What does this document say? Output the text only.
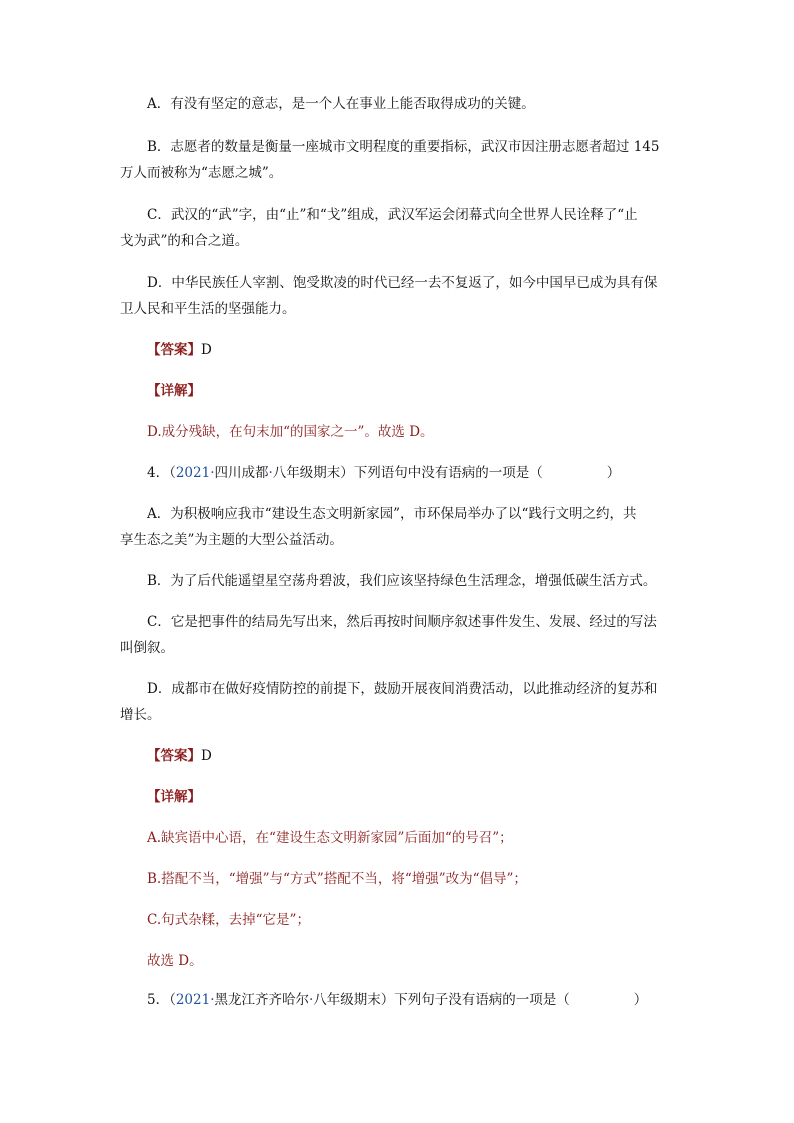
A．有没有坚定的意志，是一个人在事业上能否取得成功的关键。
B．志愿者的数量是衡量一座城市文明程度的重要指标，武汉市因注册志愿者超过 145
万人而被称为“志愿之城”。
C．武汉的“武”字，由“止”和“戈”组成，武汉军运会闭幕式向全世界人民诠释了“止
戈为武”的和合之道。
D．中华民族任人宰割、饱受欺凌的时代已经一去不复返了，如今中国早已成为具有保
卫人民和平生活的坚强能力。
【答案】D
【详解】
D.成分残缺，在句末加“的国家之一”。故选 D。
4．（2021·四川成都·八年级期末）下列语句中没有语病的一项是（	）
A．为积极响应我市“建设生态文明新家园”，市环保局举办了以“践行文明之约，共
享生态之美”为主题的大型公益活动。
B．为了后代能遥望星空荡舟碧波，我们应该坚持绿色生活理念，增强低碳生活方式。
C．它是把事件的结局先写出来，然后再按时间顺序叙述事件发生、发展、经过的写法
叫倒叙。
D．成都市在做好疫情防控的前提下，鼓励开展夜间消费活动，以此推动经济的复苏和
增长。
【答案】D
【详解】
A.缺宾语中心语，在“建设生态文明新家园”后面加“的号召”；
B.搭配不当，“增强”与“方式”搭配不当，将“增强”改为“倡导”；
C.句式杂糅，去掉“它是”；
故选 D。
5．（2021·黑龙江齐齐哈尔·八年级期末）下列句子没有语病的一项是（	）
